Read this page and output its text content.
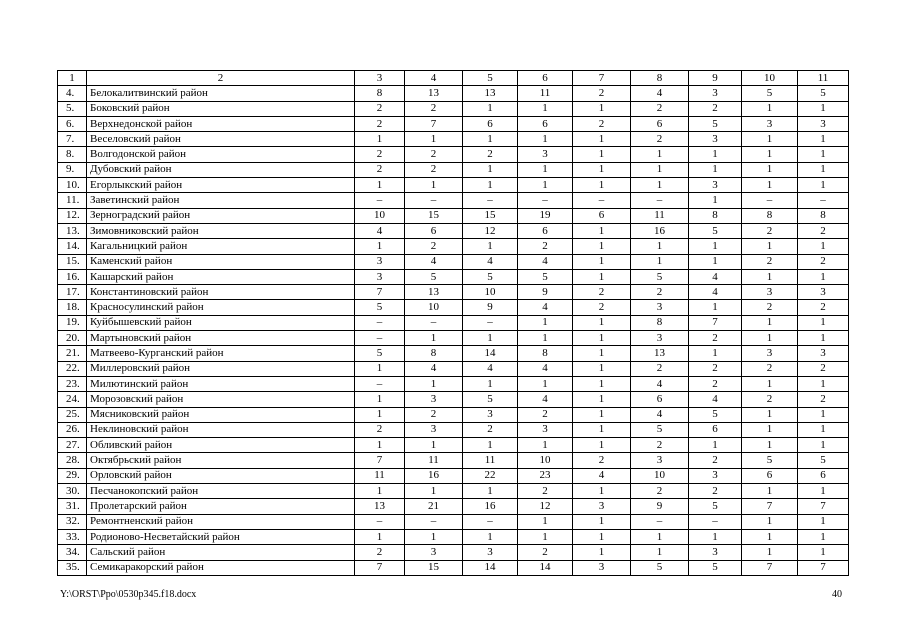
1	2	3	4	5	6	7	8	9	10	11
4.	Белокалитвинский район	8	13	13	11	2	4	3	5	5
5.	Боковский район	2	2	1	1	1	2	2	1	1
6.	Верхнедонской район	2	7	6	6	2	6	5	3	3
7.	Веселовский район	1	1	1	1	1	2	3	1	1
8.	Волгодонской район	2	2	2	3	1	1	1	1	1
9.	Дубовский район	2	2	1	1	1	1	1	1	1
10.	Егорлыкский район	1	1	1	1	1	1	3	1	1
11.	Заветинский район	–	–	–	–	–	–	1	–	–
12.	Зерноградский район	10	15	15	19	6	11	8	8	8
13.	Зимовниковский район	4	6	12	6	1	16	5	2	2
14.	Кагальницкий район	1	2	1	2	1	1	1	1	1
15.	Каменский район	3	4	4	4	1	1	1	2	2
16.	Кашарский район	3	5	5	5	1	5	4	1	1
17.	Константиновский район	7	13	10	9	2	2	4	3	3
18.	Красносулинский район	5	10	9	4	2	3	1	2	2
19.	Куйбышевский район	–	–	–	1	1	8	7	1	1
20.	Мартыновский район	–	1	1	1	1	3	2	1	1
21.	Матвеево-Курганский район	5	8	14	8	1	13	1	3	3
22.	Миллеровский район	1	4	4	4	1	2	2	2	2
23.	Милютинский район	–	1	1	1	1	4	2	1	1
24.	Морозовский район	1	3	5	4	1	6	4	2	2
25.	Мясниковский район	1	2	3	2	1	4	5	1	1
26.	Неклиновский район	2	3	2	3	1	5	6	1	1
27.	Обливский район	1	1	1	1	1	2	1	1	1
28.	Октябрьский район	7	11	11	10	2	3	2	5	5
29.	Орловский район	11	16	22	23	4	10	3	6	6
30.	Песчанокопский район	1	1	1	2	1	2	2	1	1
31.	Пролетарский район	13	21	16	12	3	9	5	7	7
32.	Ремонтненский район	–	–	–	1	1	–	–	1	1
33.	Родионово-Несветайский район	1	1	1	1	1	1	1	1	1
34.	Сальский район	2	3	3	2	1	1	3	1	1
35.	Семикаракорский район	7	15	14	14	3	5	5	7	7
Y:\ORST\Ppo\0530p345.f18.docx	40
